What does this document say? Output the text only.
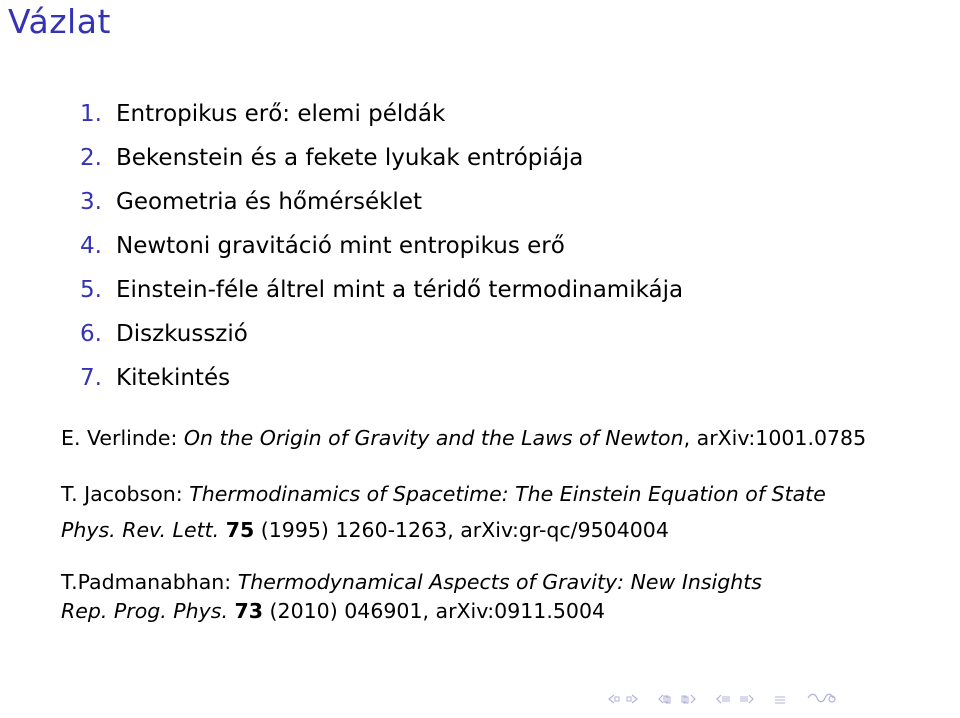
Vázlat
1. Entropikus erő: elemi példák
2. Bekenstein és a fekete lyukak entrópiája
3. Geometria és hőmérséklet
4. Newtoni gravitáció mint entropikus erő
5. Einstein-féle áltrel mint a téridő termodinamikája
6. Diszkusszió
7. Kitekintés
E. Verlinde: On the Origin of Gravity and the Laws of Newton, arXiv:1001.0785
T. Jacobson: Thermodinamics of Spacetime: The Einstein Equation of State
Phys. Rev. Lett. 75 (1995) 1260-1263, arXiv:gr-qc/9504004
T.Padmanabhan: Thermodynamical Aspects of Gravity: New Insights
Rep. Prog. Phys. 73 (2010) 046901, arXiv:0911.5004
